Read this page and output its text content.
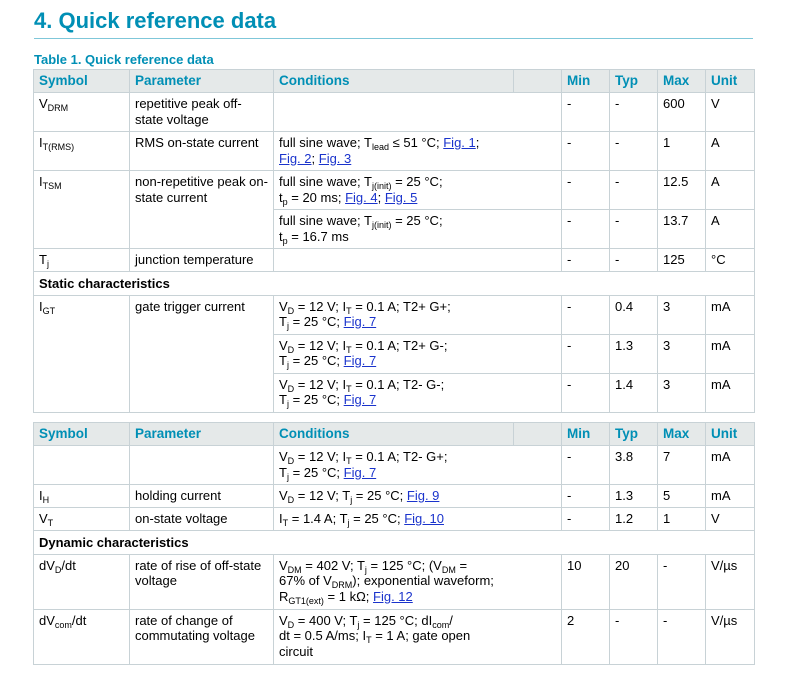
4. Quick reference data
Table 1. Quick reference data
Symbol	Parameter	Conditions		Min	Typ	Max	Unit
$V_{DRM}$	repetitive peak off-state voltage			-	-	600	V
$I_{T(RMS)}$	RMS on-state current	full sine wave; $T_{lead} \le 51$ °C; Fig. 1;
Fig. 2; Fig. 3		-	-	1	A
$I_{TSM}$	non-repetitive peak on-state current	full sine wave; $T_{j(init)} = 25$ °C;
$t_p = 20$ ms; Fig. 4; Fig. 5		-	-	12.5	A
		full sine wave; $T_{j(init)} = 25$ °C;
$t_p = 16.7$ ms		-	-	13.7	A
$T_j$	junction temperature			-	-	125	°C
Static characteristics							
$I_{GT}$	gate trigger current	$V_D = 12$ V; $I_T = 0.1$ A; T2+ G+;
$T_j = 25$ °C; Fig. 7		-	0.4	3	mA
		$V_D = 12$ V; $I_T = 0.1$ A; T2+ G-;
$T_j = 25$ °C; Fig. 7		-	1.3	3	mA
		$V_D = 12$ V; $I_T = 0.1$ A; T2- G-;
$T_j = 25$ °C; Fig. 7		-	1.4	3	mA
Symbol	Parameter	Conditions		Min	Typ	Max	Unit
		$V_D = 12$ V; $I_T = 0.1$ A; T2- G+;
$T_j = 25$ °C; Fig. 7		-	3.8	7	mA
$I_H$	holding current	$V_D = 12$ V; $T_j = 25$ °C; Fig. 9		-	1.3	5	mA
$V_T$	on-state voltage	$I_T = 1.4$ A; $T_j = 25$ °C; Fig. 10		-	1.2	1	V
Dynamic characteristics							
$dV_D/dt$	rate of rise of off-state voltage	$V_{DM} = 402$ V; $T_j = 125$ °C; ($V_{DM}$ =
67% of $V_{DRM}$); exponential waveform;
$R_{GT1(ext)} = 1$ kΩ; Fig. 12		10	20	-	V/µs
$dV_{com}/dt$	rate of change of commutating voltage	$V_D = 400$ V; $T_j = 125$ °C; $dI_{com}/$
dt = 0.5 A/ms; $I_T = 1$ A; gate open
circuit		2	-	-	V/µs
